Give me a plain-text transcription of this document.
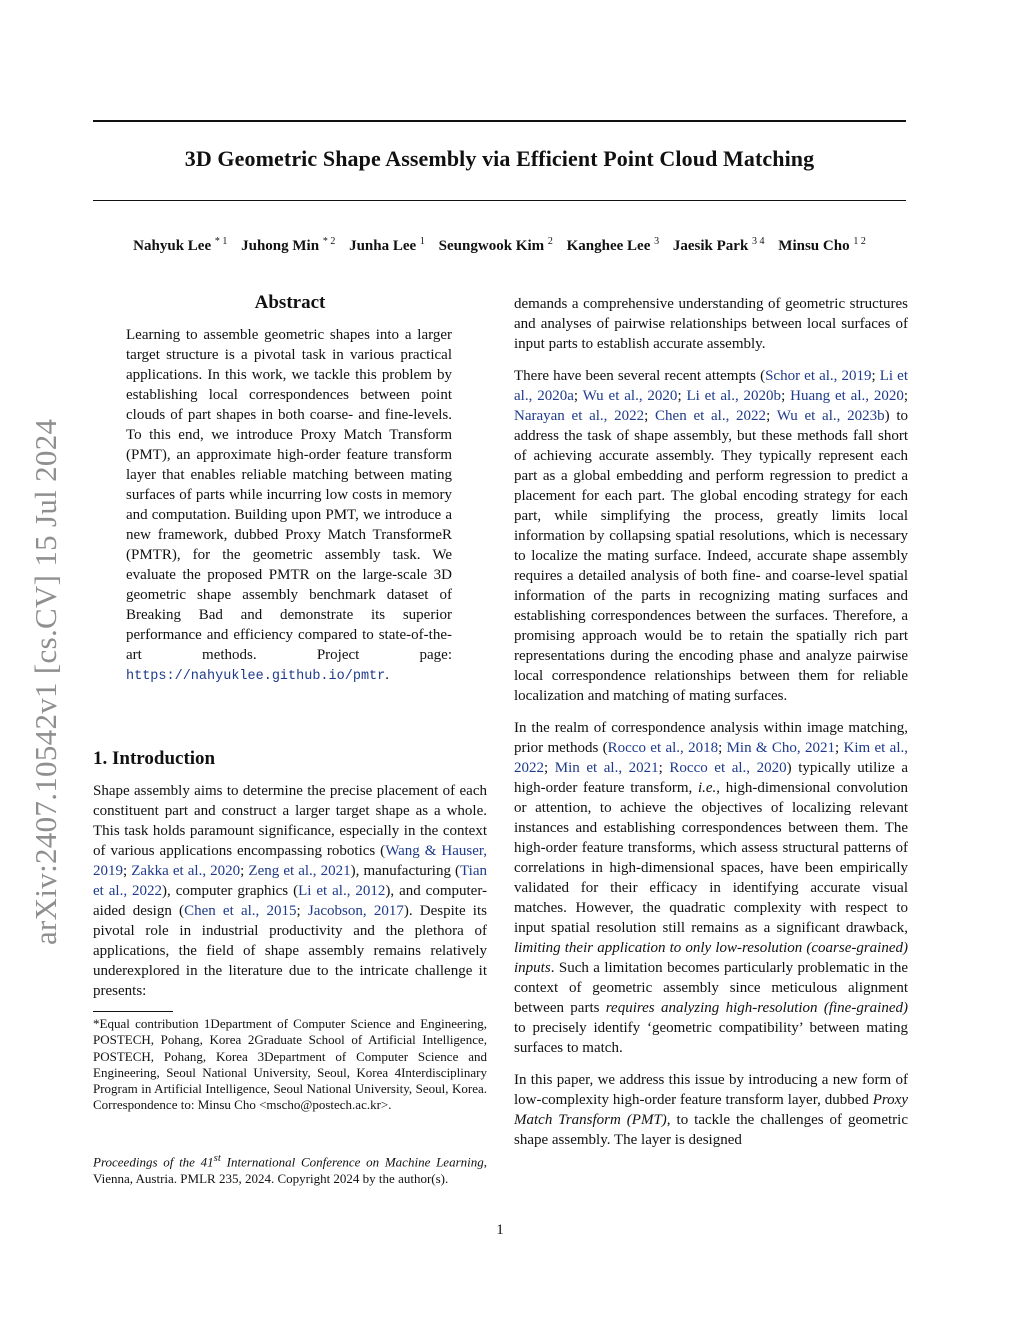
3D Geometric Shape Assembly via Efficient Point Cloud Matching
Nahyuk Lee $^{* 1}$ Juhong Min $^{* 2}$ Junha Lee $^1$ Seungwook Kim $^2$ Kanghee Lee $^3$ Jaesik Park $^{3 4}$ Minsu Cho $^{1 2}$
arXiv:2407.10542v1 [cs.CV] 15 Jul 2024
Abstract
Learning to assemble geometric shapes into a larger target structure is a pivotal task in various practical applications. In this work, we tackle this problem by establishing local correspondences between point clouds of part shapes in both coarse- and fine-levels. To this end, we introduce Proxy Match Transform (PMT), an approximate high-order feature transform layer that enables reliable matching between mating surfaces of parts while incurring low costs in memory and computation. Building upon PMT, we introduce a new framework, dubbed Proxy Match TransformeR (PMTR), for the geometric assembly task. We evaluate the proposed PMTR on the large-scale 3D geometric shape assembly benchmark dataset of Breaking Bad and demonstrate its superior performance and efficiency compared to state-of-the-art methods. Project page: https://nahyuklee.github.io/pmtr.
1. Introduction
Shape assembly aims to determine the precise placement of each constituent part and construct a larger target shape as a whole. This task holds paramount significance, especially in the context of various applications encompassing robotics (Wang & Hauser, 2019; Zakka et al., 2020; Zeng et al., 2021), manufacturing (Tian et al., 2022), computer graphics (Li et al., 2012), and computer-aided design (Chen et al., 2015; Jacobson, 2017). Despite its pivotal role in industrial productivity and the plethora of applications, the field of shape assembly remains relatively underexplored in the literature due to the intricate challenge it presents:
*Equal contribution 1Department of Computer Science and Engineering, POSTECH, Pohang, Korea 2Graduate School of Artificial Intelligence, POSTECH, Pohang, Korea 3Department of Computer Science and Engineering, Seoul National University, Seoul, Korea 4Interdisciplinary Program in Artificial Intelligence, Seoul National University, Seoul, Korea. Correspondence to: Minsu Cho <mscho@postech.ac.kr>.
Proceedings of the 41st International Conference on Machine Learning, Vienna, Austria. PMLR 235, 2024. Copyright 2024 by the author(s).

demands a comprehensive understanding of geometric structures and analyses of pairwise relationships between local surfaces of input parts to establish accurate assembly.

There have been several recent attempts (Schor et al., 2019; Li et al., 2020a; Wu et al., 2020; Li et al., 2020b; Huang et al., 2020; Narayan et al., 2022; Chen et al., 2022; Wu et al., 2023b) to address the task of shape assembly, but these methods fall short of achieving accurate assembly. They typically represent each part as a global embedding and perform regression to predict a placement for each part. The global encoding strategy for each part, while simplifying the process, greatly limits local information by collapsing spatial resolutions, which is necessary to localize the mating surface. Indeed, accurate shape assembly requires a detailed analysis of both fine- and coarse-level spatial information of the parts in recognizing mating surfaces and establishing correspondences between the surfaces. Therefore, a promising approach would be to retain the spatially rich part representations during the encoding phase and analyze pairwise local correspondence relationships between them for reliable localization and matching of mating surfaces.

In the realm of correspondence analysis within image matching, prior methods (Rocco et al., 2018; Min & Cho, 2021; Kim et al., 2022; Min et al., 2021; Rocco et al., 2020) typically utilize a high-order feature transform, i.e., high-dimensional convolution or attention, to achieve the objectives of localizing relevant instances and establishing correspondences between them. The high-order feature transforms, which assess structural patterns of correlations in high-dimensional spaces, have been empirically validated for their efficacy in identifying accurate visual matches. However, the quadratic complexity with respect to input spatial resolution still remains as a significant drawback, limiting their application to only low-resolution (coarse-grained) inputs. Such a limitation becomes particularly problematic in the context of geometric assembly since meticulous alignment between parts requires analyzing high-resolution (fine-grained) to precisely identify ‘geometric compatibility’ between mating surfaces to match.

In this paper, we address this issue by introducing a new form of low-complexity high-order feature transform layer, dubbed Proxy Match Transform (PMT), to tackle the challenges of geometric shape assembly. The layer is designed

1
